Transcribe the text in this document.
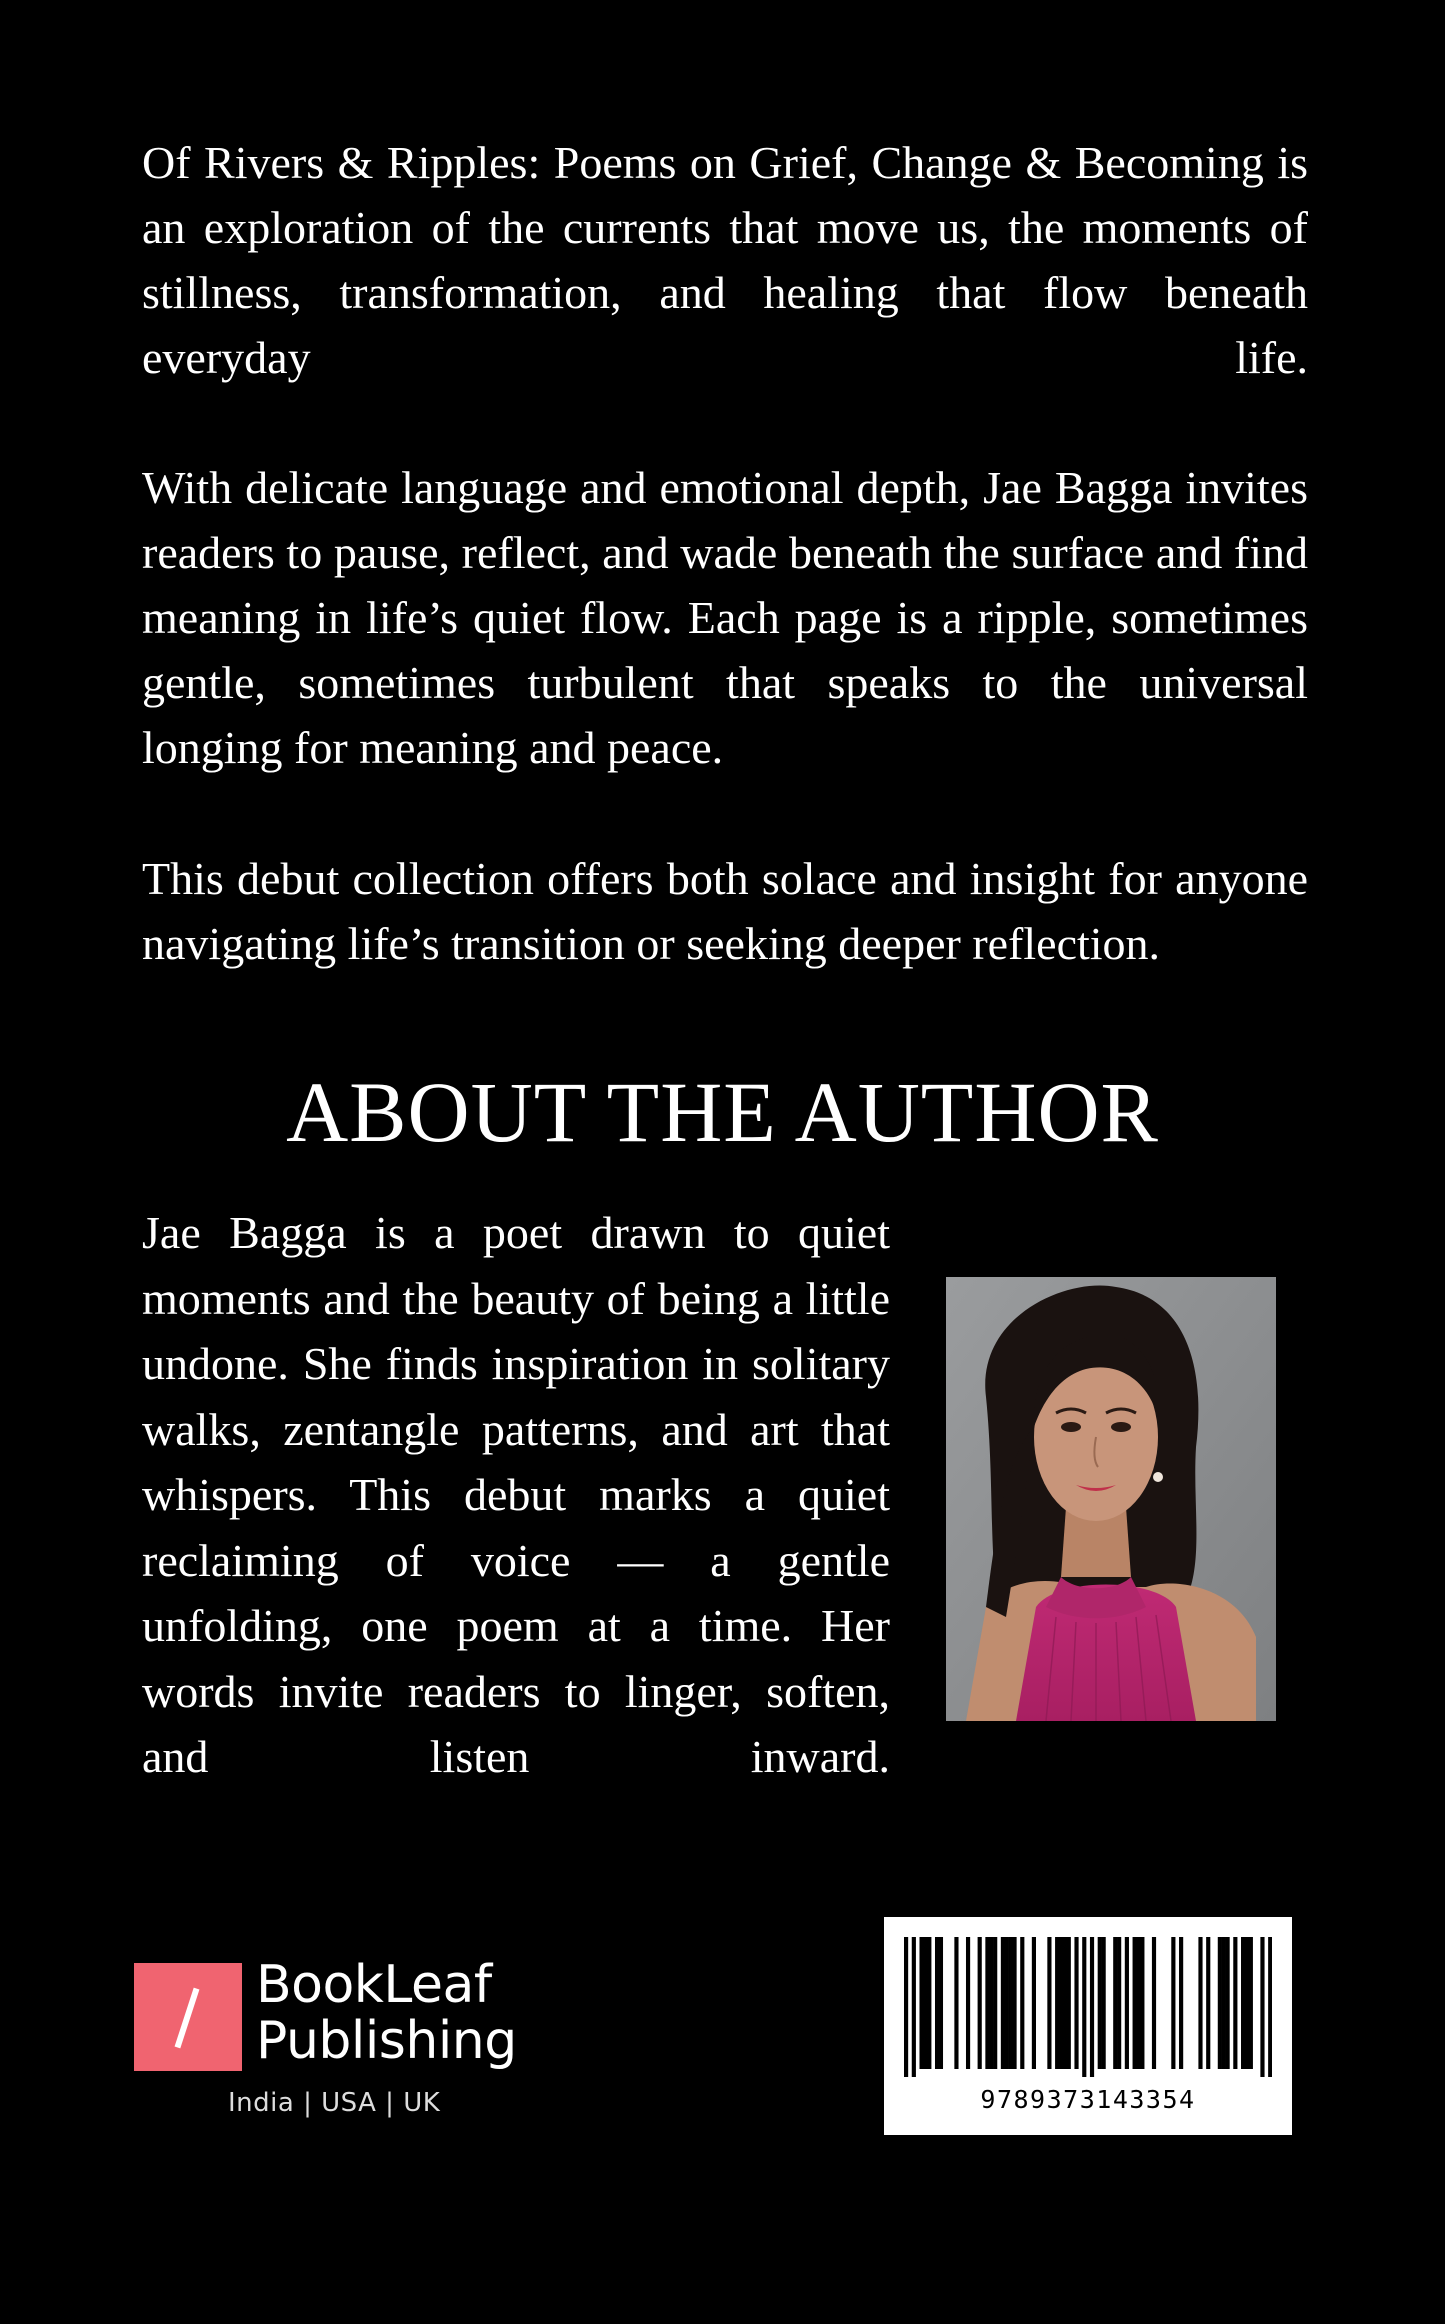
Of Rivers & Ripples: Poems on Grief, Change & Becoming is an exploration of the currents that move us, the moments of stillness, transformation, and healing that flow beneath everyday life.

With delicate language and emotional depth, Jae Bagga invites readers to pause, reflect, and wade beneath the surface and find meaning in life’s quiet flow. Each page is a ripple, sometimes gentle, sometimes turbulent that speaks to the universal longing for meaning and peace.

This debut collection offers both solace and insight for anyone navigating life’s transition or seeking deeper reflection.

ABOUT THE AUTHOR

Jae Bagga is a poet drawn to quiet moments and the beauty of being a little undone. She finds inspiration in solitary walks, zentangle patterns, and art that whispers. This debut marks a quiet reclaiming of voice — a gentle unfolding, one poem at a time. Her words invite readers to linger, soften, and listen inward.

BookLeaf
Publishing
India | USA | UK	9789373143354
